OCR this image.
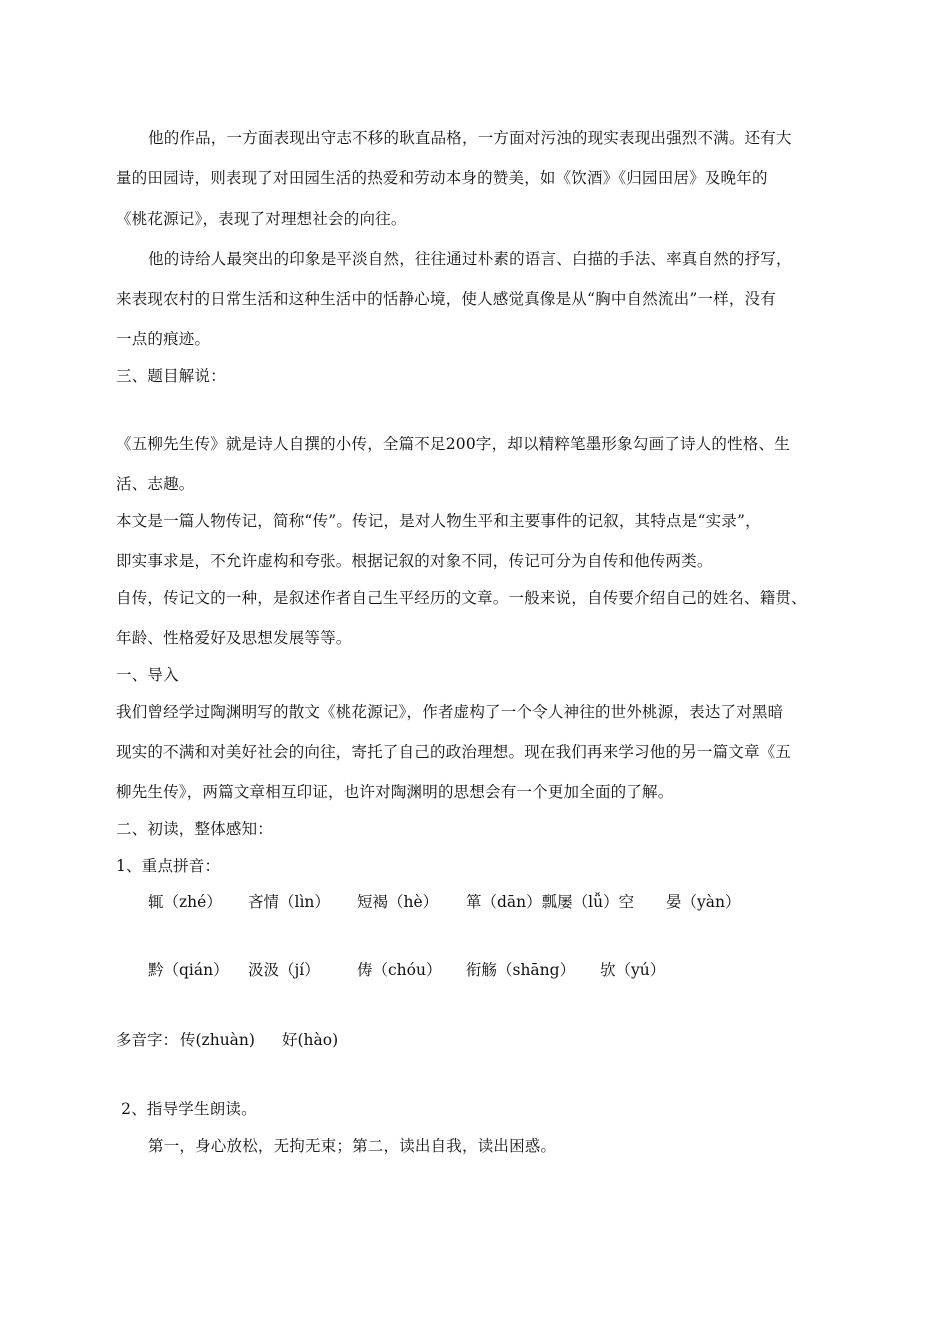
他的作品，一方面表现出守志不移的耿直品格，一方面对污浊的现实表现出强烈不满。还有大
量的田园诗，则表现了对田园生活的热爱和劳动本身的赞美，如《饮酒》《归园田居》及晚年的
《桃花源记》，表现了对理想社会的向往。
他的诗给人最突出的印象是平淡自然，往往通过朴素的语言、白描的手法、率真自然的抒写，
来表现农村的日常生活和这种生活中的恬静心境，使人感觉真像是从“胸中自然流出”一样，没有
一点的痕迹。
三、题目解说：
《五柳先生传》就是诗人自撰的小传，全篇不足200字，却以精粹笔墨形象勾画了诗人的性格、生
活、志趣。
本文是一篇人物传记，简称“传”。传记，是对人物生平和主要事件的记叙，其特点是“实录”，
即实事求是，不允许虚构和夸张。根据记叙的对象不同，传记可分为自传和他传两类。
自传，传记文的一种，是叙述作者自己生平经历的文章。一般来说，自传要介绍自己的姓名、籍贯、
年龄、性格爱好及思想发展等等。
一、导入
我们曾经学过陶渊明写的散文《桃花源记》，作者虚构了一个令人神往的世外桃源，表达了对黑暗
现实的不满和对美好社会的向往，寄托了自己的政治理想。现在我们再来学习他的另一篇文章《五
柳先生传》，两篇文章相互印证，也许对陶渊明的思想会有一个更加全面的了解。
二、初读，整体感知：
1、重点拼音：
辄（zhé） 吝情（lìn） 短褐（hè） 箪（dān）瓢屡（lǚ）空 晏（yàn）
黔（qián） 汲汲（jí） 俦（chóu） 衔觞（shāng） 欤（yú）
多音字： 传(zhuàn) 好(hào)
2、指导学生朗读。
第一，身心放松，无拘无束；第二，读出自我，读出困惑。
